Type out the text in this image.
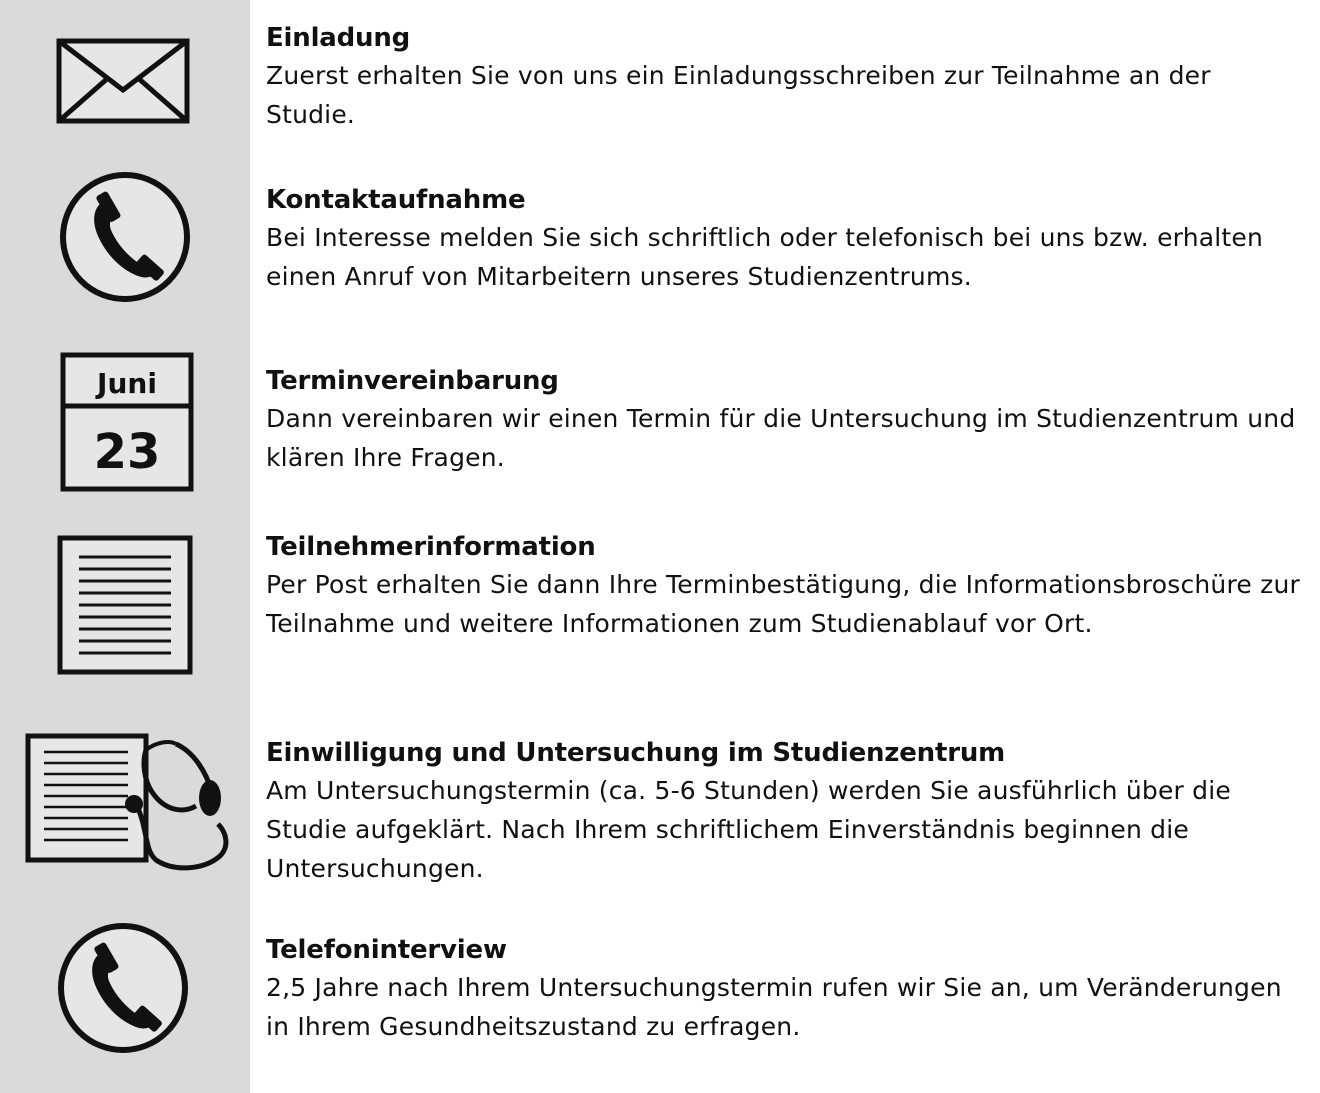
Einladung

Zuerst erhalten Sie von uns ein Einladungsschreiben zur Teilnahme an der Studie.

Kontaktaufnahme

Bei Interesse melden Sie sich schriftlich oder telefonisch bei uns bzw. erhalten einen Anruf von Mitarbeitern unseres Studienzentrums.

Juni
23

Terminvereinbarung

Dann vereinbaren wir einen Termin für die Untersuchung im Studienzentrum und klären Ihre Fragen.

Teilnehmerinformation

Per Post erhalten Sie dann Ihre Terminbestätigung, die Informationsbroschüre zur Teilnahme und weitere Informationen zum Studienablauf vor Ort.

Einwilligung und Untersuchung im Studienzentrum

Am Untersuchungstermin (ca. 5-6 Stunden) werden Sie ausführlich über die Studie aufgeklärt. Nach Ihrem schriftlichem Einverständnis beginnen die Untersuchungen.

Telefoninterview

2,5 Jahre nach Ihrem Untersuchungstermin rufen wir Sie an, um Veränderungen in Ihrem Gesundheitszustand zu erfragen.
